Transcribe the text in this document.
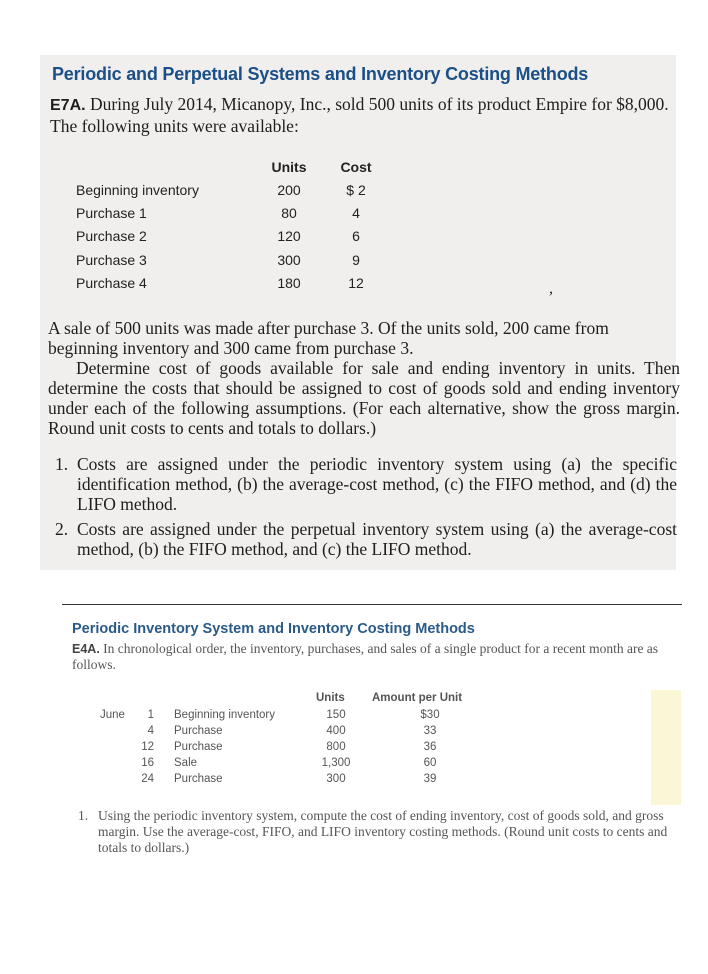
Periodic and Perpetual Systems and Inventory Costing Methods
E7A. During July 2014, Micanopy, Inc., sold 500 units of its product Empire for $8,000. The following units were available:
	Units	Cost
Beginning inventory	200	$ 2
Purchase 1	80	4
Purchase 2	120	6
Purchase 3	300	9
Purchase 4	180	12	,
A sale of 500 units was made after purchase 3. Of the units sold, 200 came from beginning inventory and 300 came from purchase 3.
Determine cost of goods available for sale and ending inventory in units. Then determine the costs that should be assigned to cost of goods sold and ending inventory under each of the following assumptions. (For each alternative, show the gross margin. Round unit costs to cents and totals to dollars.)
1. Costs are assigned under the periodic inventory system using (a) the specific identification method, (b) the average-cost method, (c) the FIFO method, and (d) the LIFO method.
2. Costs are assigned under the perpetual inventory system using (a) the average-cost method, (b) the FIFO method, and (c) the LIFO method.
Periodic Inventory System and Inventory Costing Methods
E4A. In chronological order, the inventory, purchases, and sales of a single product for a recent month are as follows.
Units Amount per Unit
June	1 Beginning inventory	150	$30
4 Purchase	400	33
12 Purchase	800	36
16 Sale	1,300	60
24 Purchase	300	39
1. Using the periodic inventory system, compute the cost of ending inventory, cost of goods sold, and gross margin. Use the average-cost, FIFO, and LIFO inventory costing methods. (Round unit costs to cents and totals to dollars.)
